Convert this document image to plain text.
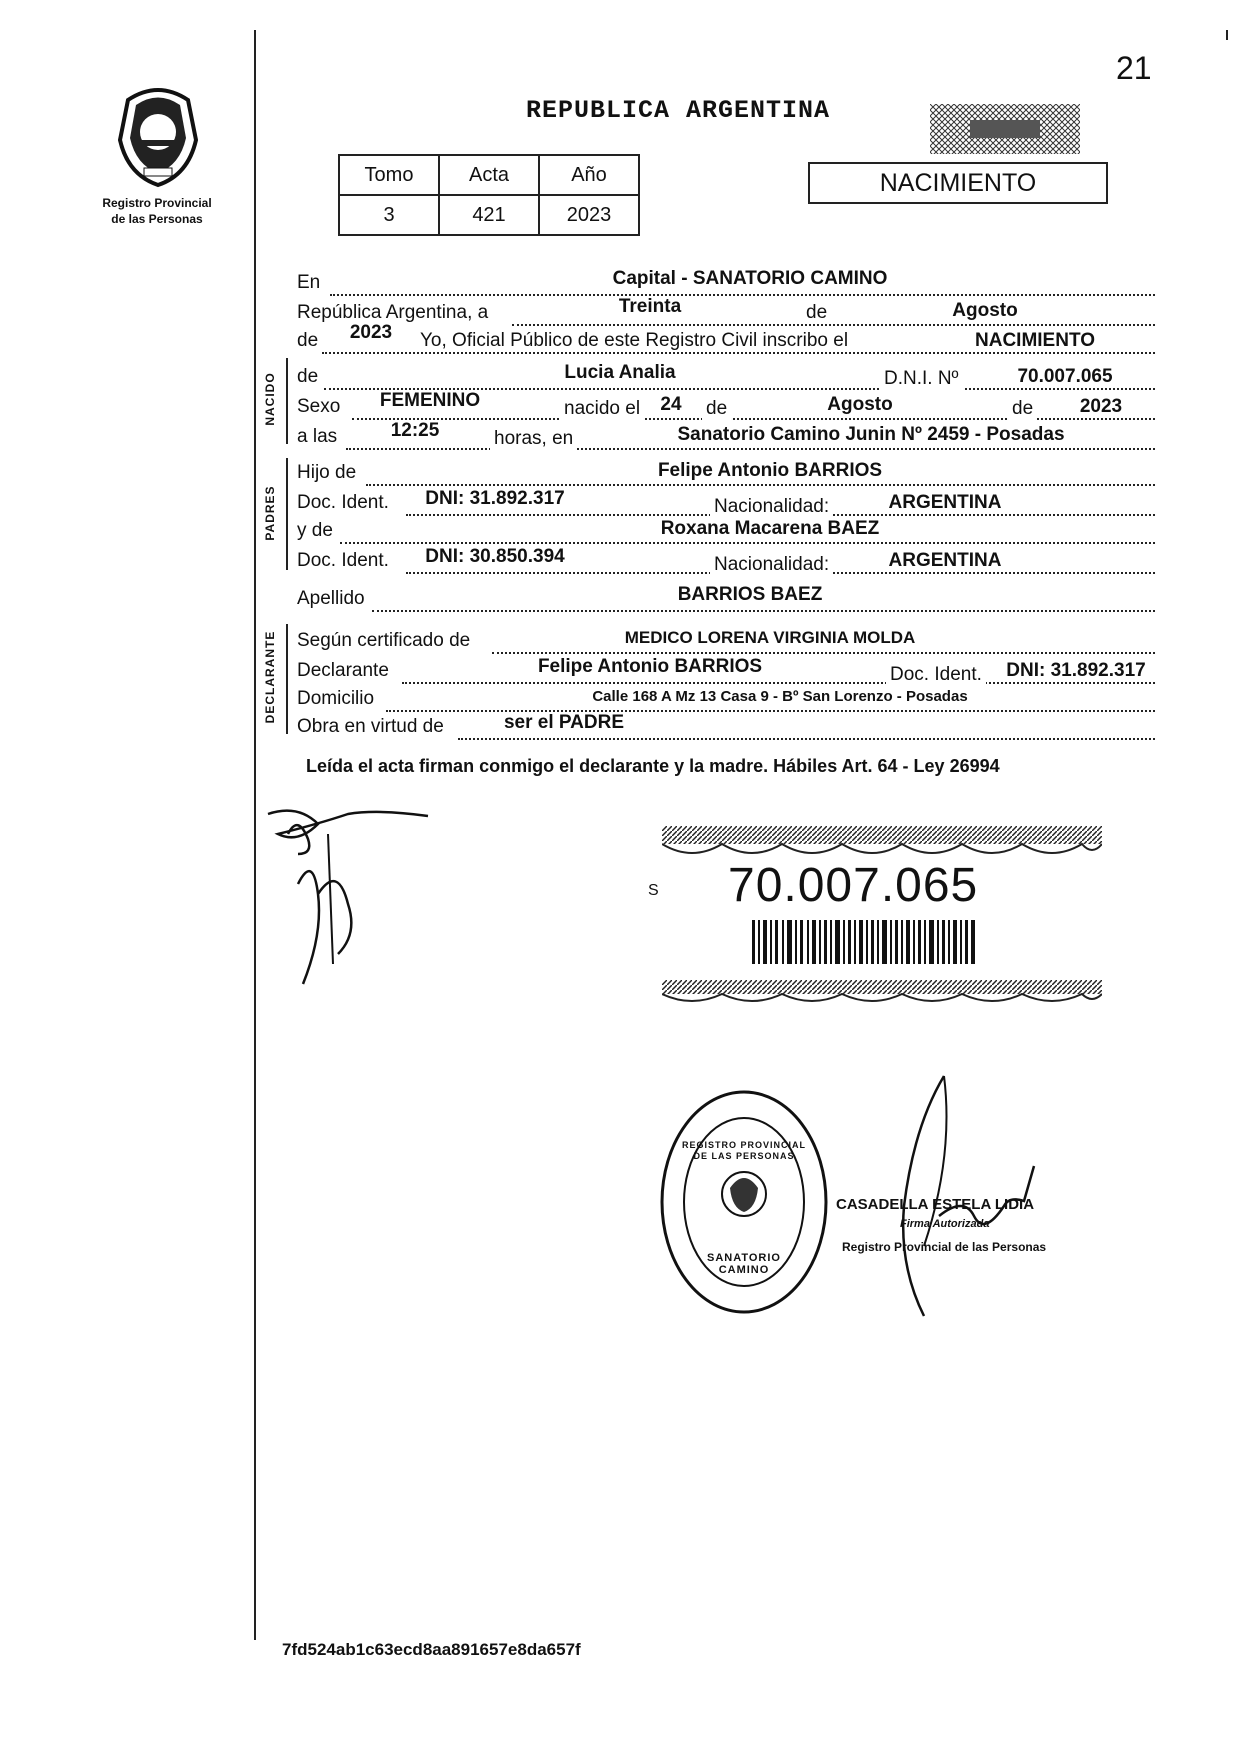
21
Registro Provincial
de las Personas
REPUBLICA ARGENTINA
NACIMIENTO
Tomo	Acta	Año
3	421	2023
En	Capital - SANATORIO CAMINO
República Argentina, a	Treinta	de	Agosto
de	2023	Yo, Oficial Público de este Registro Civil inscribo el	NACIMIENTO
NACIDO de	Lucia Analia	D.N.I. Nº	70.007.065
Sexo	FEMENINO	nacido el 24 de	Agosto	de	2023
a las	12:25	horas, en	Sanatorio Camino Junin Nº 2459 - Posadas
PADRES
Hijo de	Felipe Antonio BARRIOS
Doc. Ident.	DNI: 31.892.317	Nacionalidad:	ARGENTINA
y de	Roxana Macarena BAEZ
Doc. Ident.	DNI: 30.850.394	Nacionalidad:	ARGENTINA
Apellido	BARRIOS BAEZ
DECLARANTE Según certificado de	MEDICO LORENA VIRGINIA MOLDA
Declarante	Felipe Antonio BARRIOS	Doc. Ident.	DNI: 31.892.317
Domicilio	Calle 168 A Mz 13 Casa 9 - Bº San Lorenzo - Posadas
Obra en virtud de	ser el PADRE
Leída el acta firman conmigo el declarante y la madre. Hábiles Art. 64 - Ley 26994
S 70.007.065
REGISTRO PROVINCIAL DE LAS PERSONAS
SANATORIO CAMINO
CASADELLA ESTELA LIDIA
Firma Autorizada
Registro Provincial de las Personas
7fd524ab1c63ecd8aa891657e8da657f
